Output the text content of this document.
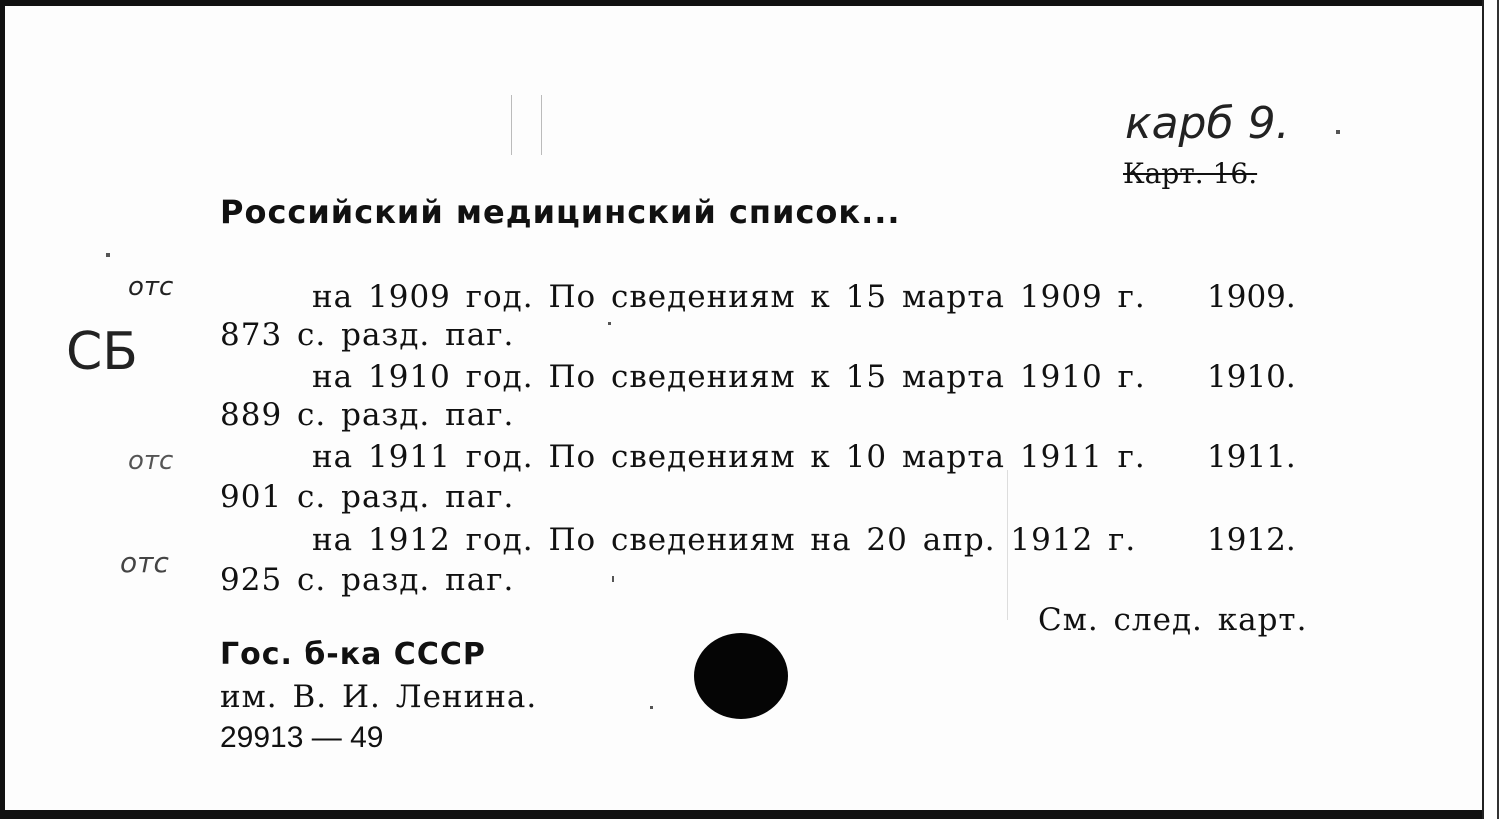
карб 9.
Карт. 16.
Российский медицинский список...
отс	на 1909 год. По сведениям к 15 марта 1909 г. 1909.
873 с. разд. паг.
СБ	на 1910 год. По сведениям к 15 марта 1910 г. 1910.
889 с. разд. паг.
отс	на 1911 год. По сведениям к 10 марта 1911 г. 1911.
901 с. разд. паг.
отс
на 1912 год. По сведениям на 20 апр. 1912 г. 1912.
925 с. разд. паг.
См. след. карт.
Гос. б-ка СССР
им. В. И. Ленина.
29913 — 49
